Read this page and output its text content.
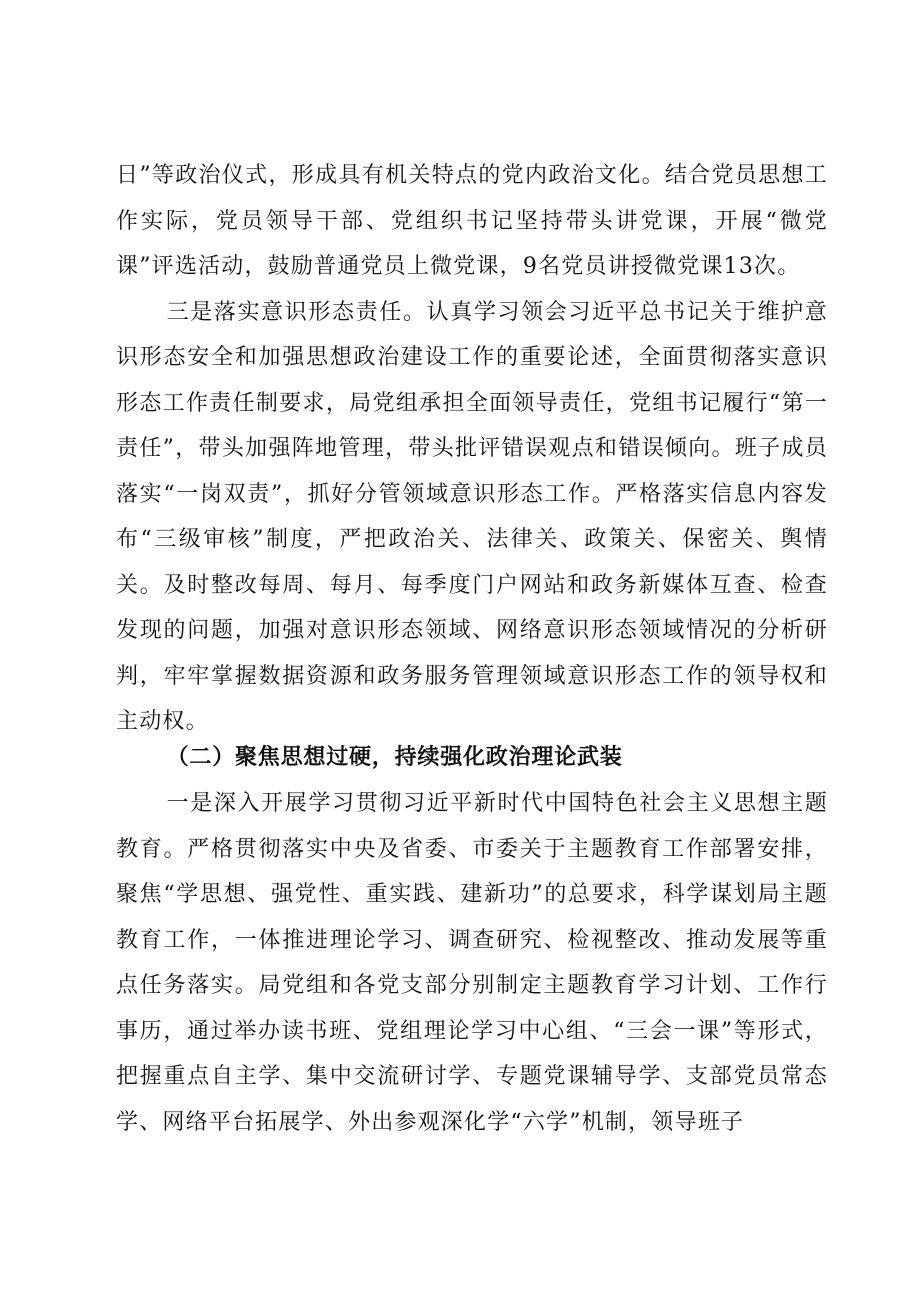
日”等政治仪式，形成具有机关特点的党内政治文化。结合党员思想工作实际，党员领导干部、党组织书记坚持带头讲党课，开展“微党课”评选活动，鼓励普通党员上微党课，9名党员讲授微党课13次。

三是落实意识形态责任。认真学习领会习近平总书记关于维护意识形态安全和加强思想政治建设工作的重要论述，全面贯彻落实意识形态工作责任制要求，局党组承担全面领导责任，党组书记履行“第一责任”，带头加强阵地管理，带头批评错误观点和错误倾向。班子成员落实“一岗双责”，抓好分管领域意识形态工作。严格落实信息内容发布“三级审核”制度，严把政治关、法律关、政策关、保密关、舆情关。及时整改每周、每月、每季度门户网站和政务新媒体互查、检查发现的问题，加强对意识形态领域、网络意识形态领域情况的分析研判，牢牢掌握数据资源和政务服务管理领域意识形态工作的领导权和主动权。

（二）聚焦思想过硬，持续强化政治理论武装

一是深入开展学习贯彻习近平新时代中国特色社会主义思想主题教育。严格贯彻落实中央及省委、市委关于主题教育工作部署安排，聚焦“学思想、强党性、重实践、建新功”的总要求，科学谋划局主题教育工作，一体推进理论学习、调查研究、检视整改、推动发展等重点任务落实。局党组和各党支部分别制定主题教育学习计划、工作行事历，通过举办读书班、党组理论学习中心组、“三会一课”等形式，把握重点自主学、集中交流研讨学、专题党课辅导学、支部党员常态学、网络平台拓展学、外出参观深化学“六学”机制，领导班子
